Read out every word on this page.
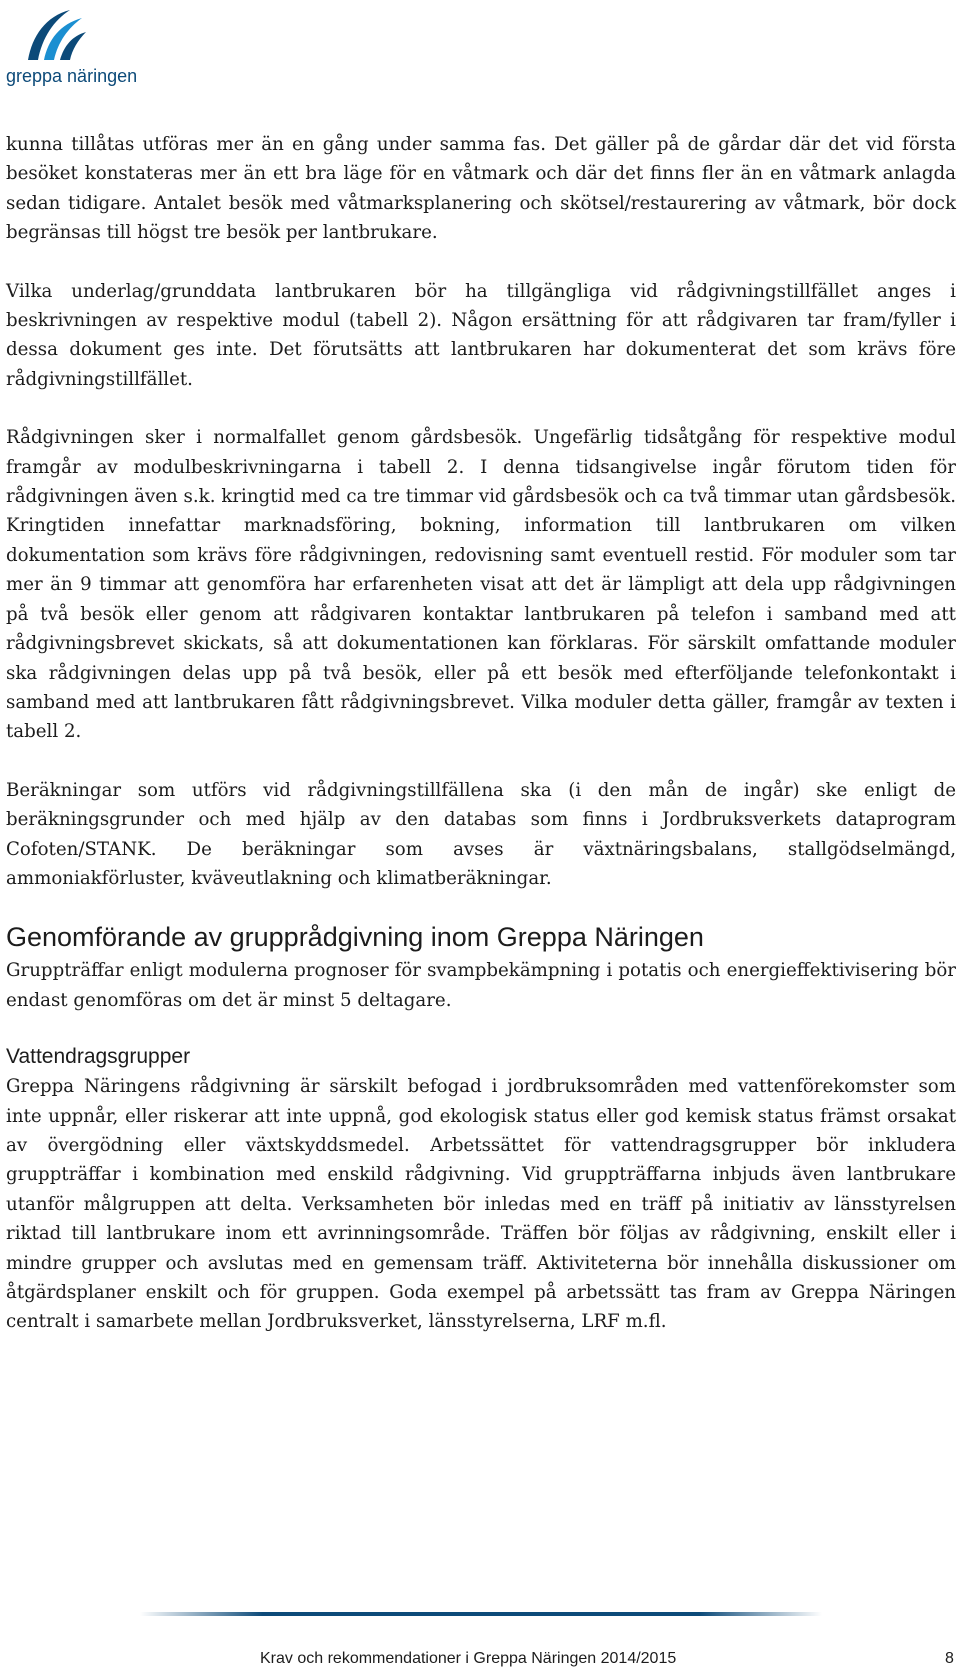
greppa näringen

kunna tillåtas utföras mer än en gång under samma fas. Det gäller på de gårdar där det vid första besöket konstateras mer än ett bra läge för en våtmark och där det finns fler än en våtmark anlagda sedan tidigare. Antalet besök med våtmarksplanering och skötsel/restaurering av våtmark, bör dock begränsas till högst tre besök per lantbrukare.

Vilka underlag/grunddata lantbrukaren bör ha tillgängliga vid rådgivningstillfället anges i beskrivningen av respektive modul (tabell 2). Någon ersättning för att rådgivaren tar fram/fyller i dessa dokument ges inte. Det förutsätts att lantbrukaren har dokumenterat det som krävs före rådgivningstillfället.

Rådgivningen sker i normalfallet genom gårdsbesök. Ungefärlig tidsåtgång för respektive modul framgår av modulbeskrivningarna i tabell 2. I denna tidsangivelse ingår förutom tiden för rådgivningen även s.k. kringtid med ca tre timmar vid gårdsbesök och ca två timmar utan gårdsbesök. Kringtiden innefattar marknadsföring, bokning, information till lantbrukaren om vilken dokumentation som krävs före rådgivningen, redovisning samt eventuell restid. För moduler som tar mer än 9 timmar att genomföra har erfarenheten visat att det är lämpligt att dela upp rådgivningen på två besök eller genom att rådgivaren kontaktar lantbrukaren på telefon i samband med att rådgivningsbrevet skickats, så att dokumentationen kan förklaras. För särskilt omfattande moduler ska rådgivningen delas upp på två besök, eller på ett besök med efterföljande telefonkontakt i samband med att lantbrukaren fått rådgivningsbrevet. Vilka moduler detta gäller, framgår av texten i tabell 2.

Beräkningar som utförs vid rådgivningstillfällena ska (i den mån de ingår) ske enligt de beräkningsgrunder och med hjälp av den databas som finns i Jordbruksverkets dataprogram Cofoten/STANK. De beräkningar som avses är växtnäringsbalans, stallgödselmängd, ammoniakförluster, kväveutlakning och klimatberäkningar.

Genomförande av grupprådgivning inom Greppa Näringen

Gruppträffar enligt modulerna prognoser för svampbekämpning i potatis och energieffektivisering bör endast genomföras om det är minst 5 deltagare.

Vattendragsgrupper

Greppa Näringens rådgivning är särskilt befogad i jordbruksområden med vattenförekomster som inte uppnår, eller riskerar att inte uppnå, god ekologisk status eller god kemisk status främst orsakat av övergödning eller växtskyddsmedel. Arbetssättet för vattendragsgrupper bör inkludera gruppträffar i kombination med enskild rådgivning. Vid gruppträffarna inbjuds även lantbrukare utanför målgruppen att delta. Verksamheten bör inledas med en träff på initiativ av länsstyrelsen riktad till lantbrukare inom ett avrinningsområde. Träffen bör följas av rådgivning, enskilt eller i mindre grupper och avslutas med en gemensam träff. Aktiviteterna bör innehålla diskussioner om åtgärdsplaner enskilt och för gruppen. Goda exempel på arbetssätt tas fram av Greppa Näringen centralt i samarbete mellan Jordbruksverket, länsstyrelserna, LRF m.fl.

Krav och rekommendationer i Greppa Näringen 2014/2015	8
